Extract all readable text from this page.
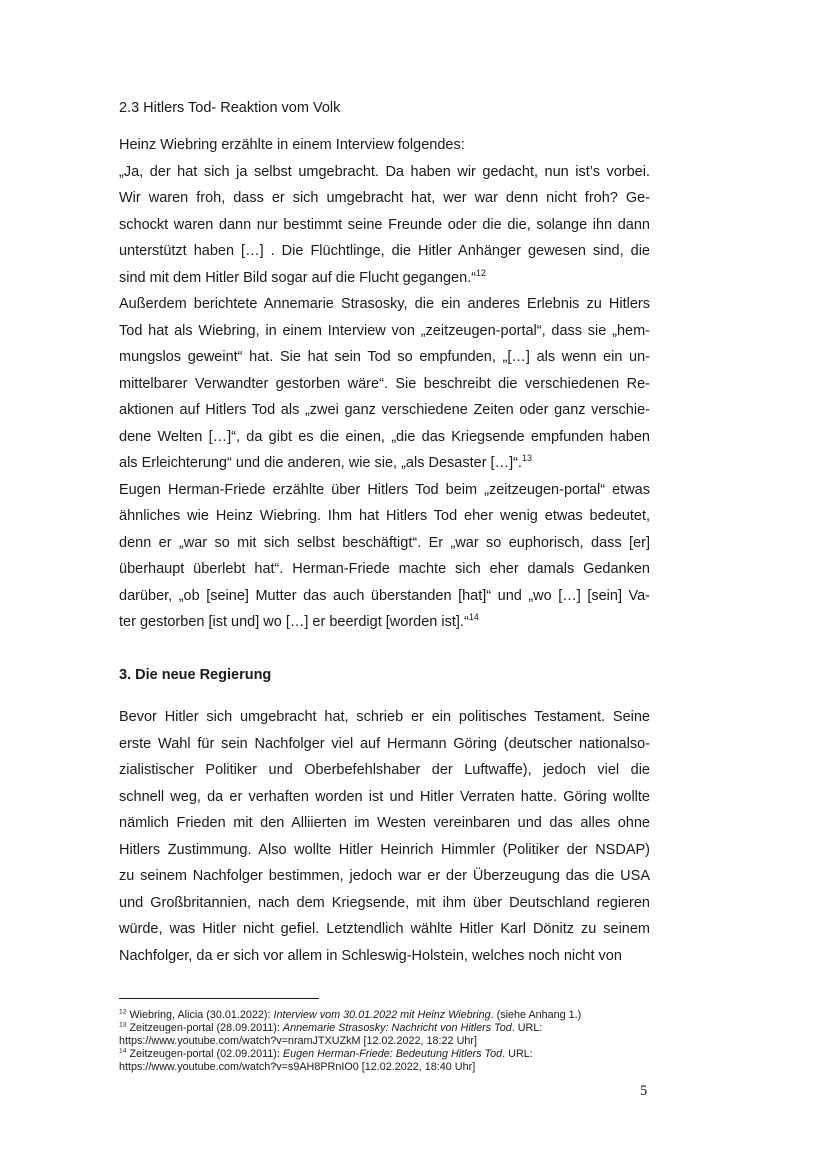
2.3 Hitlers Tod- Reaktion vom Volk

Heinz Wiebring erzählte in einem Interview folgendes:

„Ja, der hat sich ja selbst umgebracht. Da haben wir gedacht, nun ist’s vorbei.

Wir waren froh, dass er sich umgebracht hat, wer war denn nicht froh? Ge-

schockt waren dann nur bestimmt seine Freunde oder die die, solange ihn dann

unterstützt haben […] . Die Flüchtlinge, die Hitler Anhänger gewesen sind, die

sind mit dem Hitler Bild sogar auf die Flucht gegangen.“$^{12}$

Außerdem berichtete Annemarie Strasosky, die ein anderes Erlebnis zu Hitlers

Tod hat als Wiebring, in einem Interview von „zeitzeugen-portal“, dass sie „hem-

mungslos geweint“ hat. Sie hat sein Tod so empfunden, „[…] als wenn ein un-

mittelbarer Verwandter gestorben wäre“. Sie beschreibt die verschiedenen Re-

aktionen auf Hitlers Tod als „zwei ganz verschiedene Zeiten oder ganz verschie-

dene Welten […]“, da gibt es die einen, „die das Kriegsende empfunden haben

als Erleichterung“ und die anderen, wie sie, „als Desaster […]“.$^{13}$

Eugen Herman-Friede erzählte über Hitlers Tod beim „zeitzeugen-portal“ etwas

ähnliches wie Heinz Wiebring. Ihm hat Hitlers Tod eher wenig etwas bedeutet,

denn er „war so mit sich selbst beschäftigt“. Er „war so euphorisch, dass [er]

überhaupt überlebt hat“. Herman-Friede machte sich eher damals Gedanken

darüber, „ob [seine] Mutter das auch überstanden [hat]“ und „wo […] [sein] Va-

ter gestorben [ist und] wo […] er beerdigt [worden ist].“$^{14}$

3. Die neue Regierung

Bevor Hitler sich umgebracht hat, schrieb er ein politisches Testament. Seine

erste Wahl für sein Nachfolger viel auf Hermann Göring (deutscher nationalso-

zialistischer Politiker und Oberbefehlshaber der Luftwaffe), jedoch viel die

schnell weg, da er verhaften worden ist und Hitler Verraten hatte. Göring wollte

nämlich Frieden mit den Alliierten im Westen vereinbaren und das alles ohne

Hitlers Zustimmung. Also wollte Hitler Heinrich Himmler (Politiker der NSDAP)

zu seinem Nachfolger bestimmen, jedoch war er der Überzeugung das die USA

und Großbritannien, nach dem Kriegsende, mit ihm über Deutschland regieren

würde, was Hitler nicht gefiel. Letztendlich wählte Hitler Karl Dönitz zu seinem

Nachfolger, da er sich vor allem in Schleswig-Holstein, welches noch nicht von

$^{12}$ Wiebring, Alicia (30.01.2022): Interview vom 30.01.2022 mit Heinz Wiebring. (siehe Anhang 1.)
$^{13}$ Zeitzeugen-portal (28.09.2011): Annemarie Strasosky: Nachricht von Hitlers Tod. URL:
https://www.youtube.com/watch?v=nramJTXUZkM [12.02.2022, 18:22 Uhr]
$^{14}$ Zeitzeugen-portal (02.09.2011): Eugen Herman-Friede: Bedeutung Hitlers Tod. URL:
https://www.youtube.com/watch?v=s9AH8PRnIO0 [12.02.2022, 18:40 Uhr]
5
